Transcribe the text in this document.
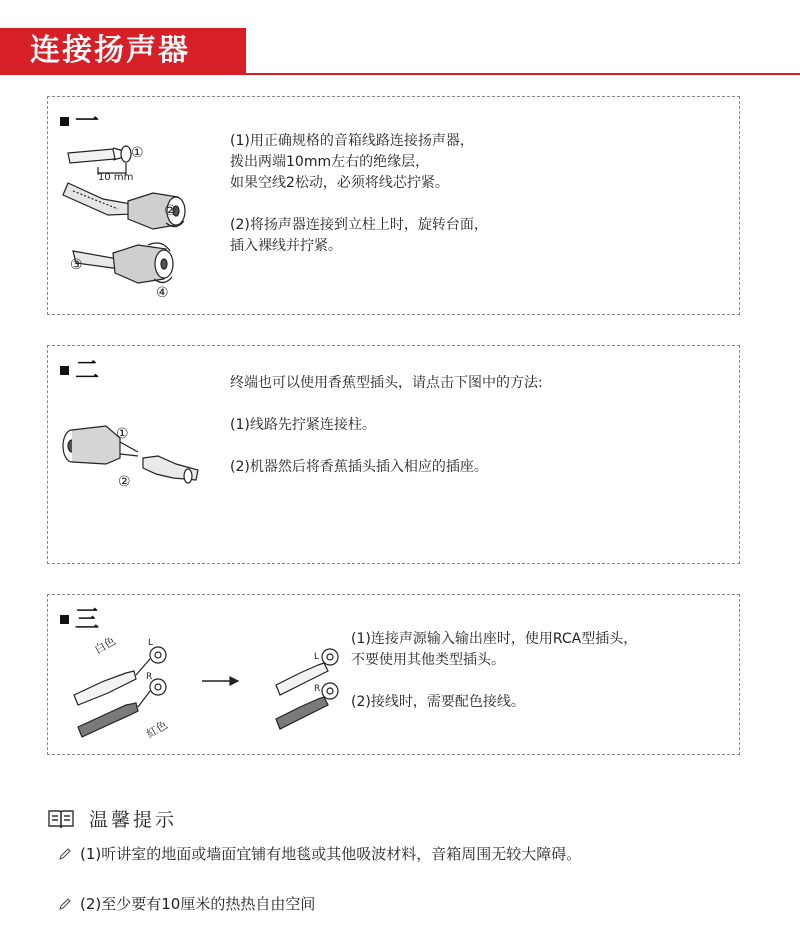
连接扬声器
一
①
10 mm
②
③
④

(1)用正确规格的音箱线路连接扬声器，

拨出两端10mm左右的绝缘层，

如果空线2松动，必须将线芯拧紧。

(2)将扬声器连接到立柱上时，旋转台面，

插入裸线并拧紧。

二
①
②

终端也可以使用香蕉型插头，请点击下图中的方法:

(1)线路先拧紧连接柱。

(2)机器然后将香蕉插头插入相应的插座。

三
白色
紅色
L
R
L
R

(1)连接声源输入输出座时，使用RCA型插头，

不要使用其他类型插头。

(2)接线时，需要配色接线。

温馨提示
(1)听讲室的地面或墙面宜铺有地毯或其他吸波材料，音箱周围无较大障碍。
(2)至少要有10厘米的热热自由空间
